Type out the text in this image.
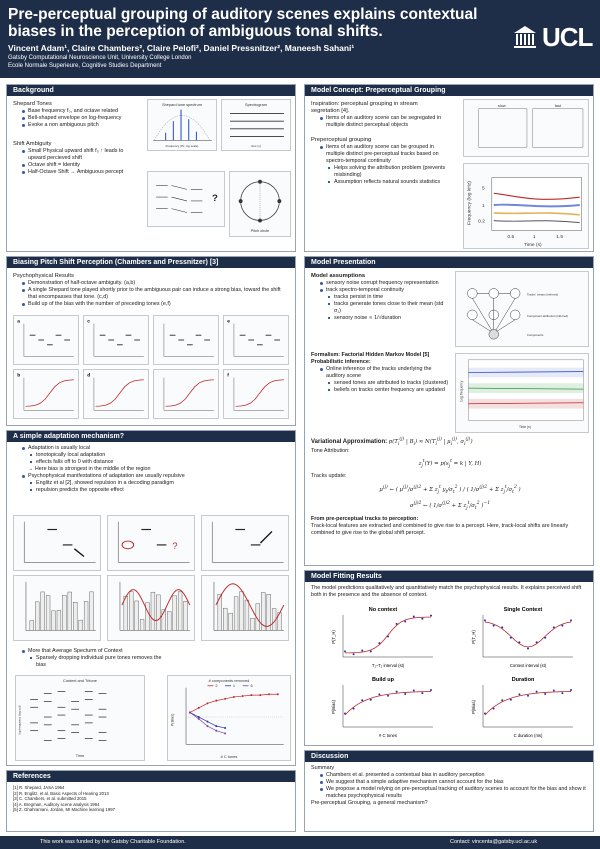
Pre-perceptual grouping of auditory scenes explains contextual biases in the perception of ambiguous tonal shifts.
Vincent Adam¹, Claire Chambers², Claire Pelofi², Daniel Pressnitzer², Maneesh Sahani¹
Gatsby Computational Neuroscience Unit, University College London
Ecole Normale Superieure, Cognitive Studies Department
UCL
Background
Shepard Tones
Base frequency f₀, and octave related
Bell-shaped envelope on log-frequency
Evoke a non ambiguous pitch
Shift Ambiguity
Small Physical upward shift f₀ ↑ leads to upward percieved shift
Octave shift = Identity
Half-Octave Shift → Ambiguous percept
Shepard tone spectrum
Frequency (Hz, log scale)
Spectrogram
time (s)
?
Pitch circle
Biasing Pitch Shift Perception (Chambers and Pressnitzer) [3]
Psychophysical Results
Demonstration of half-octave ambiguity. (a,b)
A single Shepard tone played shortly prior to the ambiguous pair can induce a strong bias, toward the shift that encompasses that tone. (c,d)
Build up of the bias with the number of preceding tones (e,f)
a	c	e
b	d	f
A simple adaptation mechanism?
Adaptation is usually local
tonotopically local adaptation
effects falls off to 0 with distance
→ Here bias is strongest in the middle of the region
Psychophysical manifestations of adaptation are usually repulsive
Englitz et al [2], showed repulsion in a decoding paradigm
repulsion predicts the opposite effect
?
More that Average Specturm of Context
Sparsely dropping individual pure tones removes the bias
Context and Tritone
Time
log frequency (log oct)
# components removed
# C tones
P(Bias)
2	1	6
References
[1] R. Shepard, JASA 1964
[2] R. Englitz, et al. Basic Aspects of Hearing 2013
[3] C. Chambers, et al. submitted 2015
[4] A. Bregman, Auditory scene analysis 1994
[5] Z. Ghahramani, Jordan, MI Machine learning 1997
Model Concept: Preperceptual Grouping
Inspiration: perceptual grouping in stream segretation [4].
Items of an auditory scene can be segregated in multiple distinct perceptual objects
Preperceptual grouping
Items of an auditory scene can be grouped in multiple distinct pre-perceptual tracks based on spectro-temporal continuity
Helps solving the attribution problem (prevents misbinding)
Assumption reflects natural sounds statistics
slow	fast
Frequency (log kHz)
Time (s)
5
1
0.2
0.5	1	1.5
Model Presentation
Model assumptions
sensory noise corrupt frequency representation
track spectro-temporal continuity
tracks persist in time
tracks generate tones close to their mean (std σ₁)
sensory noise ∝ 1/√duration
Tracks' means (inferred)
Component attribution (inferred)
Components
Formalism: Factorial Hidden Markov Model [5]
Probabilistic inference:
Online inference of the tracks underlying the auditory scene
sensed tones are attributed to tracks (clustered)
beliefs on tracks center frequency are updated	Log frequency
Time (s)
Variational Approximation: $p(T_i^{(j)}$ | $B_i) \approx N(T_i^{(j)}$ | $\mu_i^{(j)}$, $\sigma_i^{(j)}$)
Tone Attribution:
$z_j^t(Y) = p(s_j^t = k$ | Y, H)
Tracks update:
$\mu^{(j)}$ ← ( $\mu^{(j)}/\sigma^{(j)2} + \Sigma$ $z_j^t$ $y_t/\sigma_t^2$ ) / ( $1/\sigma^{(j)2} + \Sigma$ $z_j^t/\sigma_t^2$ )
$\sigma^{(j)2}$ ← ( $1/\sigma^{(j)2} + \Sigma$ $z_j^t/\sigma_t^2$ )$^{-1}$
From pre-perceptual tracks to perception:
Track-local features are extracted and combined to give rise to a percept. Here, track-local shifts are linearly combined to give rise to the global shift percept.
Model Fitting Results
The model predictions qualitatively and quantitatively match the psychophysical results. It explains perceived shift both in the presence and the absence of context.
No context
T₁–T₂ interval (st)
P(T_H)
Single Context
Context interval (st)
P(T_H)
Build up
# C tones
P(Bias)
Duration
C duration (ms)
P(Bias)
Discussion
Summary
Chambers et al. presented a contextual bias in auditory perception
We suggest that a simple adaptive mechanism cannot account for the bias
We propose a model relying on pre-perceptual tracking of auditory scenes to account for the bias and show it matches psychophysical results
Pre-perceptual Grouping, a general mechanism?
This work was funded by the Gatsby Charitable Foundation.	Contact: vincenta@gatsby.ucl.ac.uk
